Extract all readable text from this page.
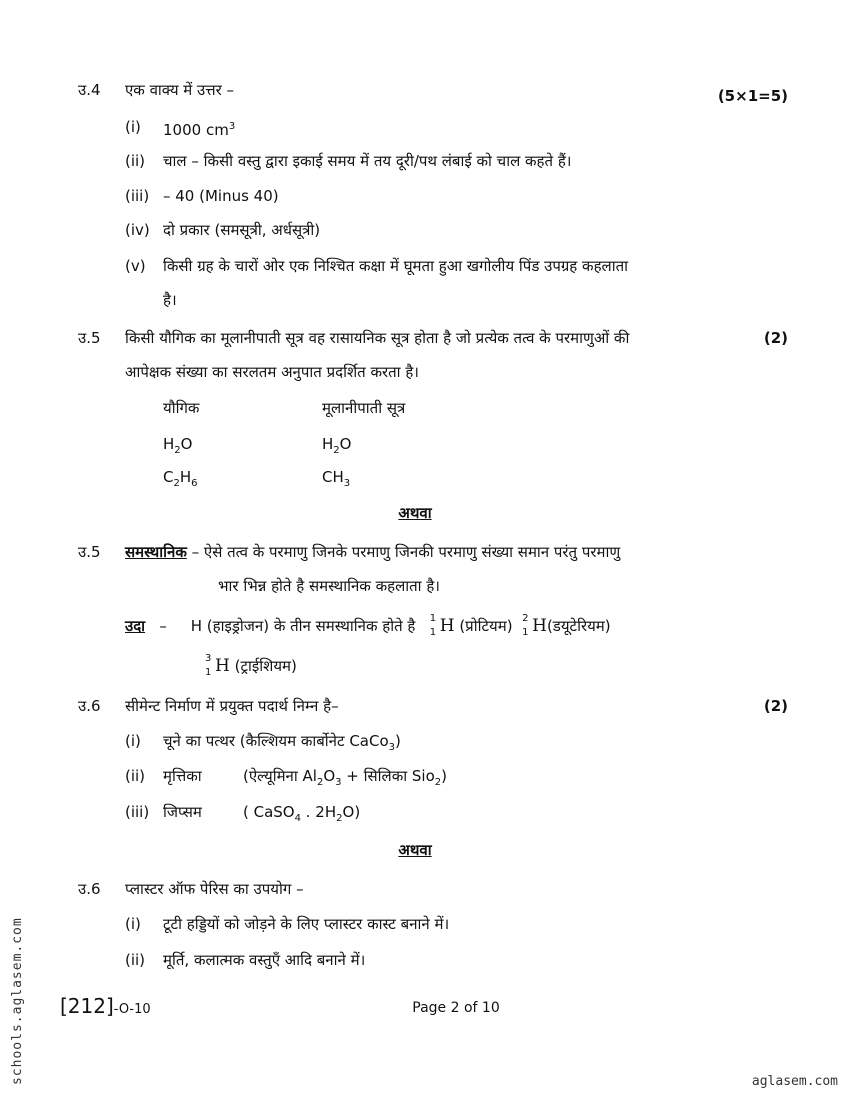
उ.4 एक वाक्य में उत्तर –	(5×1=5)
(i) 1000 $cm^3$
(ii) चाल – किसी वस्तु द्वारा इकाई समय में तय दूरी/पथ लंबाई को चाल कहते हैं।
(iii) – 40 (Minus 40)
(iv) दो प्रकार (समसूत्री, अर्धसूत्री)
(v) किसी ग्रह के चारों ओर एक निश्चित कक्षा में घूमता हुआ खगोलीय पिंड उपग्रह कहलाता
है।
उ.5 किसी यौगिक का मूलानीपाती सूत्र वह रासायनिक सूत्र होता है जो प्रत्येक तत्व के परमाणुओं की	(2)
आपेक्षक संख्या का सरलतम अनुपात प्रदर्शित करता है।
यौगिक	मूलानीपाती सूत्र
$H_2O$	$H_2O$
$C_2H_6$	$CH_3$
अथवा
उ.5 समस्थानिक – ऐसे तत्व के परमाणु जिनके परमाणु जिनकी परमाणु संख्या समान परंतु परमाणु
भार भिन्न होते है समस्थानिक कहलाता है।
उदा – H (हाइड्रोजन) के तीन समस्थानिक होते है 1
1 H (प्रोटियम) 2
1 H(डयूटेरियम)
3
1 H (ट्राईशियम)
उ.6 सीमेन्ट निर्माण में प्रयुक्त पदार्थ निम्न है–	(2)
(i) चूने का पत्थर (कैल्शियम कार्बोनेट CaCo$_3$)
(ii) मृत्तिका	(ऐल्यूमिना $Al_2O_3$ + सिलिका Sio$_2$)
(iii) जिप्सम	( CaSO$_4$ . $2H_2O$)
अथवा
उ.6 प्लास्टर ऑफ पेरिस का उपयोग –
(i) टूटी हड्डियों को जोड़ने के लिए प्लास्टर कास्ट बनाने में।
(ii) मूर्ति, कलात्मक वस्तुएँ आदि बनाने में।
[212]-O-10	Page 2 of 10
schools.aglasem.com	aglasem.com
